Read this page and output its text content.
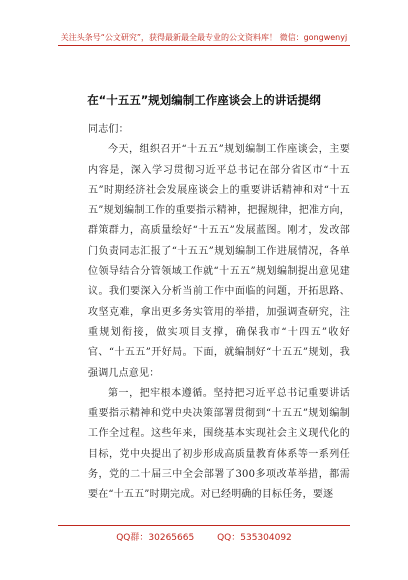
关注头条号“公文研究”，获得最新最全最专业的公文资料库！ 微信：gongwenyj
在“十五五”规划编制工作座谈会上的讲话提纲

同志们：

今天，组织召开“十五五”规划编制工作座谈会，主要内容是，深入学习贯彻习近平总书记在部分省区市“十五五”时期经济社会发展座谈会上的重要讲话精神和对“十五五”规划编制工作的重要指示精神，把握规律，把准方向，群策群力，高质量绘好“十五五”发展蓝图。刚才，发改部门负责同志汇报了“十五五”规划编制工作进展情况，各单位领导结合分管领域工作就“十五五”规划编制提出意见建议。我们要深入分析当前工作中面临的问题，开拓思路、攻坚克难，拿出更多务实管用的举措，加强调查研究，注重规划衔接，做实项目支撑，确保我市“十四五”收好官、“十五五”开好局。下面，就编制好“十五五”规划，我强调几点意见：

第一，把牢根本遵循。坚持把习近平总书记重要讲话重要指示精神和党中央决策部署贯彻到“十五五”规划编制工作全过程。这些年来，围绕基本实现社会主义现代化的目标，党中央提出了初步形成高质量教育体系等一系列任务，党的二十届三中全会部署了300多项改革举措，都需要在“十五五”时期完成。对已经明确的目标任务，要逐

QQ群：30265665	QQ：535304092
